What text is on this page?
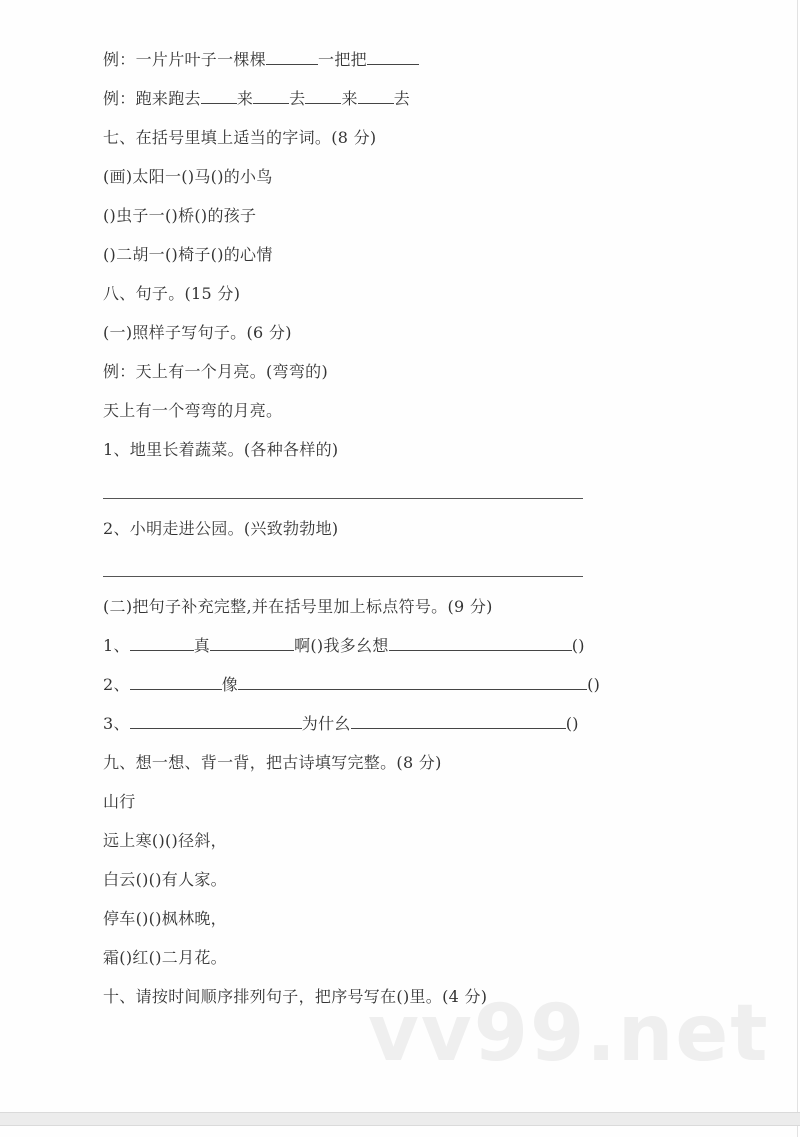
例：一片片叶子一棵棵	一把把
例：跑来跑去 来 去 来 去
七、在括号里填上适当的字词。(8 分)
(画)太阳一()马()的小鸟
()虫子一()桥()的孩子
()二胡一()椅子()的心情
八、句子。(15 分)
(一)照样子写句子。(6 分)
例：天上有一个月亮。(弯弯的)
天上有一个弯弯的月亮。
1、地里长着蔬菜。(各种各样的)
2、小明走进公园。(兴致勃勃地)
(二)把句子补充完整,并在括号里加上标点符号。(9 分)
1、	真	啊()我多幺想	()
2、	像	()
3、	为什幺	()
九、想一想、背一背，把古诗填写完整。(8 分)
山行
远上寒()()径斜，
白云()()有人家。
停车()()枫林晚，
霜()红()二月花。
十、请按时间顺序排列句子，把序号写在()里。(4 分)
vv99.net
